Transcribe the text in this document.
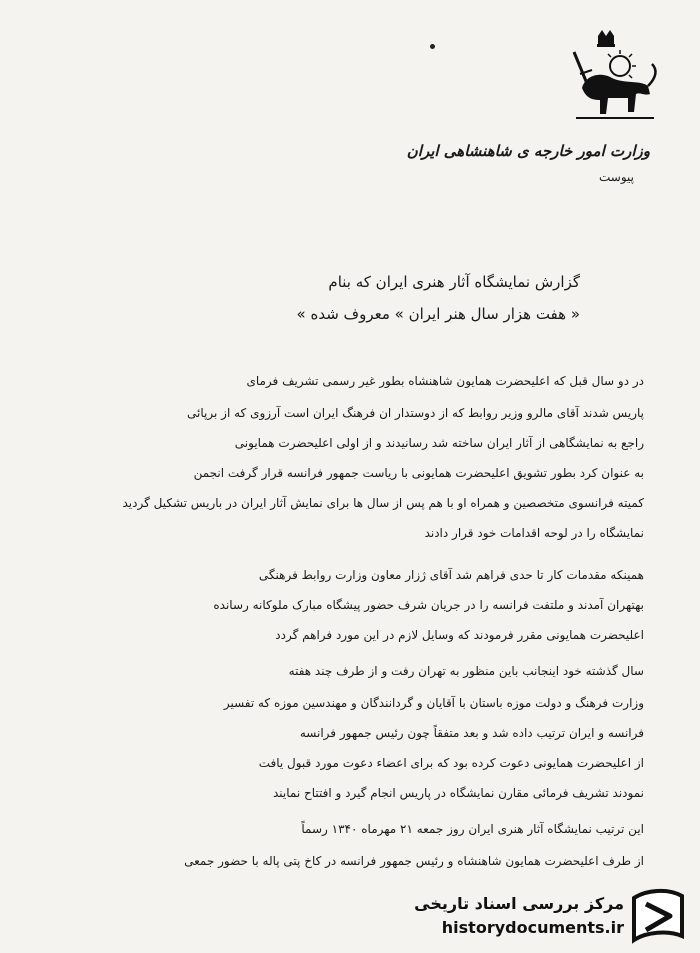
وزارت امور خارجه ی شاهنشاهی ایران
پیوست
گزارش نمایشگاه آثار هنری ایران که بنام
« هفت هزار سال هنر ایران » معروف شده »
در دو سال قبل که اعلیحضرت همایون شاهنشاه بطور غیر رسمی تشریف فرمای
پاریس شدند آقای مالرو وزیر روابط که از دوستدار ان فرهنگ ایران است آرزوی که از برپائی
راجع به نمایشگاهی از آثار ایران ساخته شد رسانیدند و از اولی اعلیحضرت همایونی
به عنوان کرد بطور تشویق اعلیحضرت همایونی با ریاست جمهور فرانسه قرار گرفت انجمن
کمیته فرانسوی متخصصین و همراه او با هم پس از سال ها برای نمایش آثار ایران در باریس تشکیل گردید
نمایشگاه را در لوحه اقدامات خود قرار دادند
همینکه مقدمات کار تا حدی فراهم شد آقای ژزار معاون وزارت روابط فرهنگی
بهتهران آمدند و ملتفت فرانسه را در جریان شرف حضور پیشگاه مبارک ملوکانه رسانده
اعلیحضرت همایونی مقرر فرمودند که وسایل لازم در این مورد فراهم گردد
سال گذشته خود اینجانب باین منظور به تهران رفت و از طرف چند هفته
وزارت فرهنگ و دولت موزه باستان با آقایان و گردانندگان و مهندسین موزه که تفسیر
فرانسه و ایران ترتیب داده شد و بعد متفقاً چون رئیس جمهور فرانسه
از اعلیحضرت همایونی دعوت کرده بود که برای اعضاء دعوت مورد قبول یافت
نمودند تشریف فرمائی مقارن نمایشگاه در پاریس انجام گیرد و افتتاح نمایند
این ترتیب نمایشگاه آثار هنری ایران روز جمعه ۲۱ مهرماه ۱۳۴۰ رسماً
از طرف اعلیحضرت همایون شاهنشاه و رئیس جمهور فرانسه در کاخ پتی پاله با حضور جمعی
مرکز بررسی اسناد تاریخی
historydocuments.ir
